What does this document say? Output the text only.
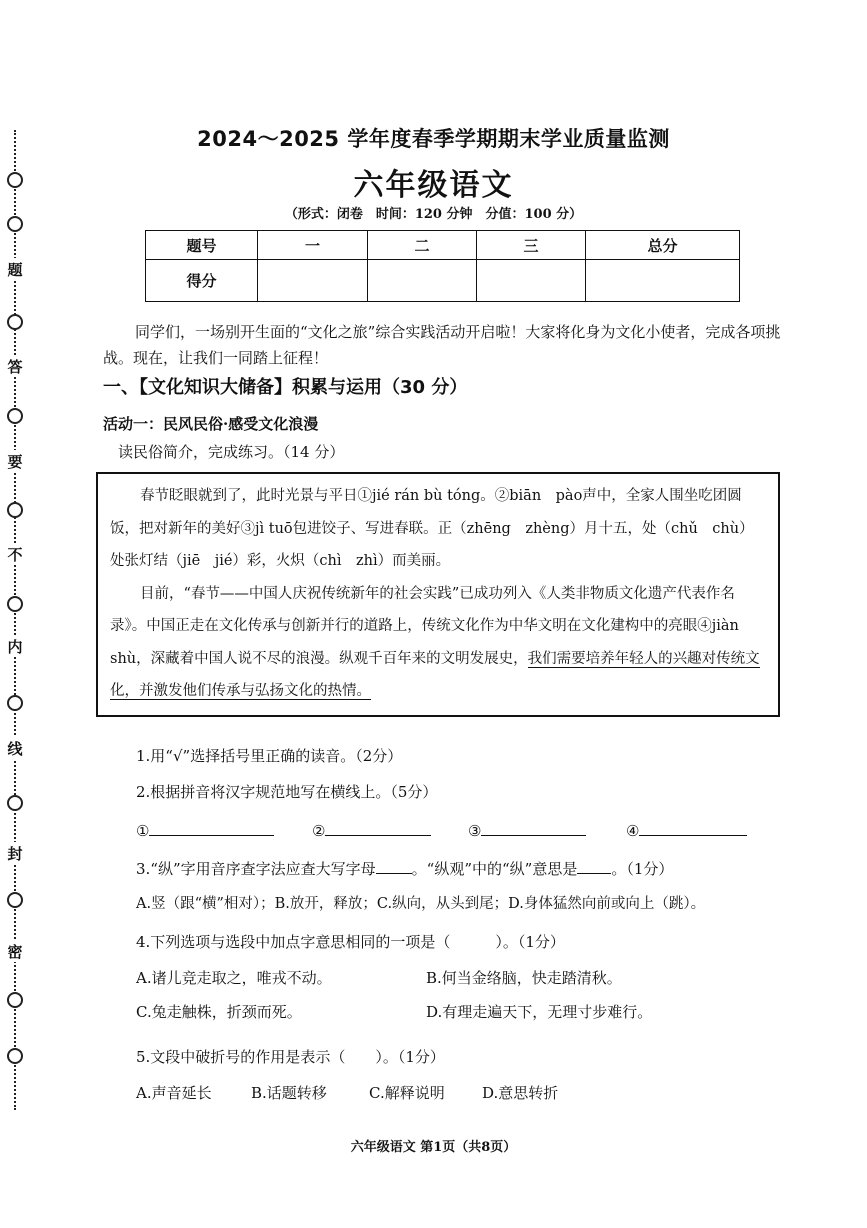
题
答
要
不
内
线
封
密
2024～2025 学年度春季学期期末学业质量监测
六年级语文
（形式：闭卷　时间：120 分钟　分值：100 分）
题号	一	二	三	总分
得分				
同学们，一场别开生面的“文化之旅”综合实践活动开启啦！大家将化身为文化小使者，完成各项挑战。现在，让我们一同踏上征程！
一、【文化知识大储备】积累与运用（30 分）
活动一：民风民俗·感受文化浪漫
读民俗简介，完成练习。（14 分）
春节眨眼就到了，此时光景与平日①jié rán bù tóng。②biān　pào声中，全家人围坐吃团圆饭，把对新年的美好③jì tuō包进饺子、写进春联。正（zhēng　zhèng）月十五，处（chǔ　chù）处张灯结（jiē　jié）彩，火炽（chì　zhì）而美丽。
目前，“春节——中国人庆祝传统新年的社会实践”已成功列入《人类非物质文化遗产代表作名录》。中国正走在文化传承与创新并行的道路上，传统文化作为中华文明在文化建构中的亮眼④jiàn　shù，深藏着中国人说不尽的浪漫。纵观千百年来的文明发展史，我们需要培养年轻人的兴趣对传统文化，并激发他们传承与弘扬文化的热情。
1.用“√”选择括号里正确的读音。（2分）
2.根据拼音将汉字规范地写在横线上。（5分）
①	②	③	④
3.“纵”字用音序查字法应查大写字母 。“纵观”中的“纵”意思是 。（1分）
A.竖（跟“横”相对）；B.放开，释放；C.纵向，从头到尾；D.身体猛然向前或向上（跳）。
4.下列选项与选段中加点字意思相同的一项是（　　　）。（1分）
A.诸儿竞走取之，唯戎不动。	B.何当金络脑，快走踏清秋。
C.兔走触株，折颈而死。	D.有理走遍天下，无理寸步难行。
5.文段中破折号的作用是表示（　　）。（1分）
A.声音延长	B.话题转移	C.解释说明 D.意思转折
六年级语文 第1页（共8页）
